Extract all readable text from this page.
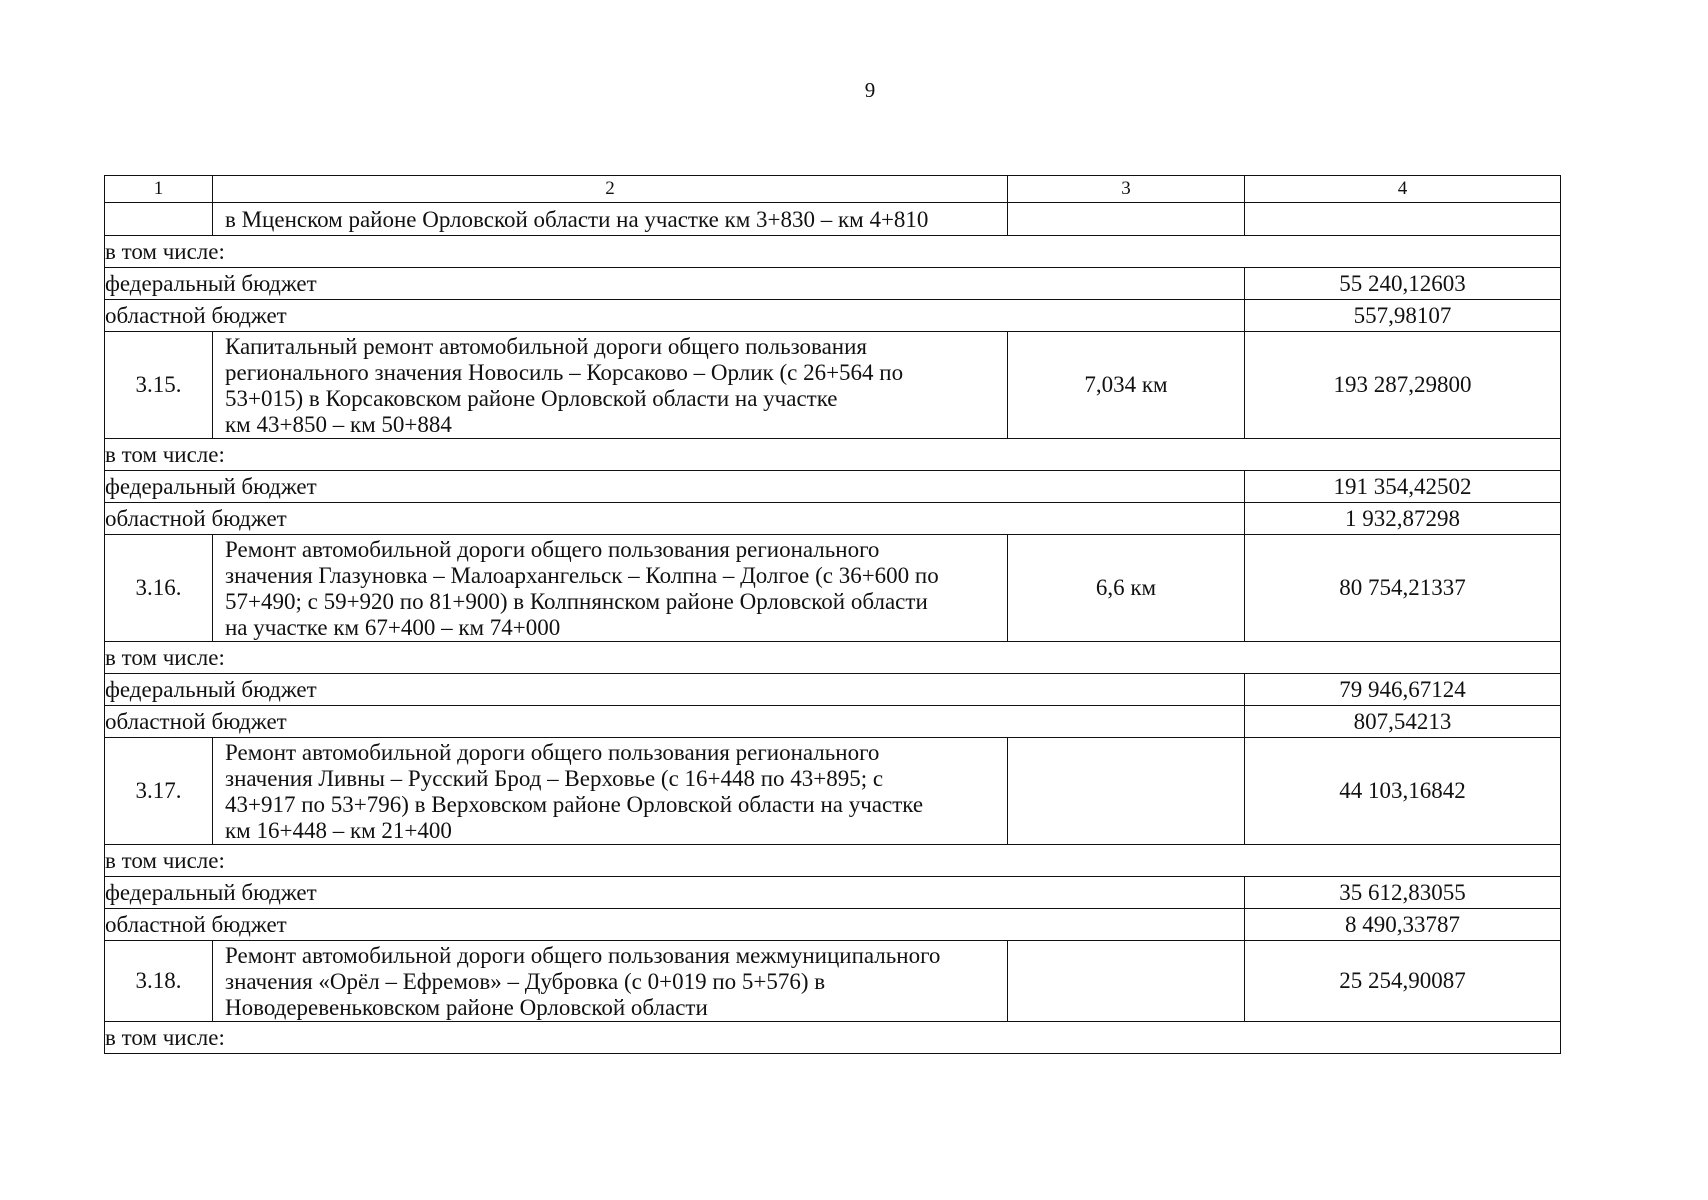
9
1	2	3	4
	в Мценском районе Орловской области на участке км 3+830 – км 4+810		
в том числе:			
федеральный бюджет			55 240,12603
областной бюджет			557,98107
3.15.	Капитальный ремонт автомобильной дороги общего пользования
регионального значения Новосиль – Корсаково – Орлик (с 26+564 по
53+015) в Корсаковском районе Орловской области на участке
км 43+850 – км 50+884	7,034 км	193 287,29800
в том числе:			
федеральный бюджет			191 354,42502
областной бюджет			1 932,87298
3.16.	Ремонт автомобильной дороги общего пользования регионального
значения Глазуновка – Малоархангельск – Колпна – Долгое (с 36+600 по
57+490; с 59+920 по 81+900) в Колпнянском районе Орловской области
на участке км 67+400 – км 74+000	6,6 км	80 754,21337
в том числе:			
федеральный бюджет			79 946,67124
областной бюджет			807,54213
3.17.	Ремонт автомобильной дороги общего пользования регионального
значения Ливны – Русский Брод – Верховье (с 16+448 по 43+895; с
43+917 по 53+796) в Верховском районе Орловской области на участке
км 16+448 – км 21+400		44 103,16842
в том числе:			
федеральный бюджет			35 612,83055
областной бюджет			8 490,33787
3.18.	Ремонт автомобильной дороги общего пользования межмуниципального
значения «Орёл – Ефремов» – Дубровка (с 0+019 по 5+576) в
Новодеревеньковском районе Орловской области		25 254,90087
в том числе:			
